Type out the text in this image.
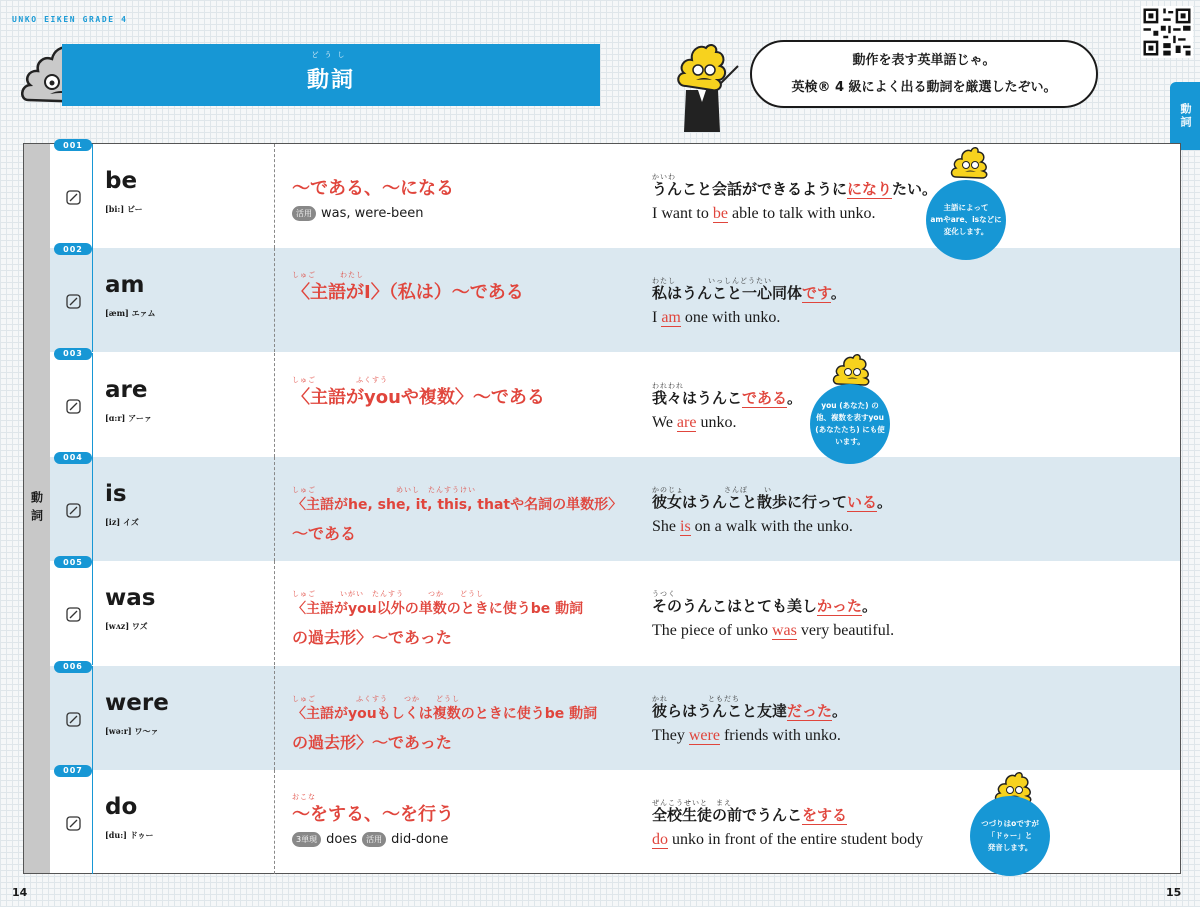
UNKO EIKEN GRADE 4
どうし
動詞
動作を表す英単語じゃ。
英検® 4 級によく出る動詞を厳選したぞい。
動詞
動詞
be
[bi:] ビー
〜である、〜になる
活用 was, were-been
かいわ
うんこと会話ができるようにになりたい。
I want to be able to talk with unko.
am
[æm] エァム
しゅご　　　わたし
〈主語がI〉（私は）〜である
わたし　　　　いっしんどうたい
私はうんこと一心同体です。
I am one with unko.
are
[ɑ:r] アーァ
しゅご　　　　　ふくすう
〈主語がyouや複数〉〜である
われわれ
我々はうんこである。
We are unko.
is
[iz] イズ
しゅご　　　　　　　　　　めいし　たんすうけい
〈主語がhe, she, it, this, thatや名詞の単数形〉
〜である
かのじょ　　　　　さんぽ　　い
彼女はうんこと散歩に行っている。
She is on a walk with the unko.
was
[wʌz] ワズ
しゅご　　　いがい　たんすう　　　つか　　どうし
〈主語がyou以外の単数のときに使うbe 動詞
の過去形〉〜であった
うつく
そのうんこはとても美しかった。
The piece of unko was very beautiful.
were
[wə:r] ワ〜ァ
しゅご　　　　　ふくすう　　つか　　どうし
〈主語がyouもしくは複数のときに使うbe 動詞
の過去形〉〜であった
かれ　　　　　ともだち
彼らはうんこと友達だった。
They were friends with unko.
do
[du:] ドゥー
おこな
〜をする、〜を行う
3単現 does	活用 did-done
ぜんこうせいと　まえ
全校生徒の前でうんこをする
do unko in front of the entire student body
001
002
003
004
005
006
007
主語によって
amやare、isなどに
変化します。
you (あなた) の
他、複数を表すyou
(あなたたち) にも使
います。
つづりはoですが
「ドゥー」と
発音します。
14	15
